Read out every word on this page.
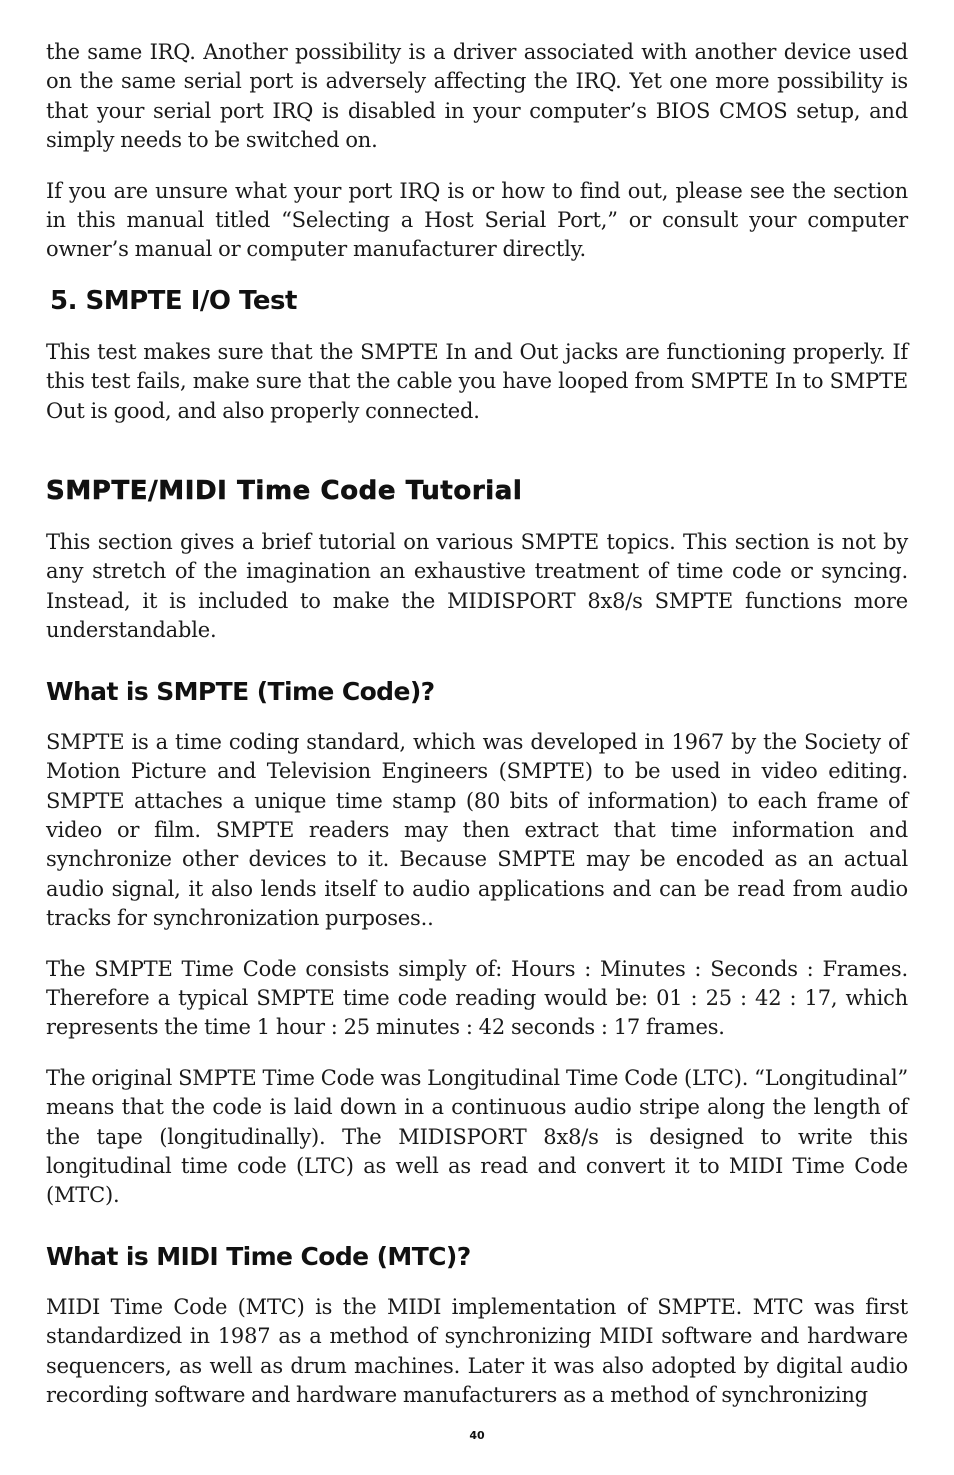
the same IRQ. Another possibility is a driver associated with another device used on the same serial port is adversely affecting the IRQ. Yet one more possibility is that your serial port IRQ is disabled in your computer’s BIOS CMOS setup, and simply needs to be switched on.

If you are unsure what your port IRQ is or how to find out, please see the section in this manual titled “Selecting a Host Serial Port,” or consult your computer owner’s manual or computer manufacturer directly.

5. SMPTE I/O Test

This test makes sure that the SMPTE In and Out jacks are functioning properly. If this test fails, make sure that the cable you have looped from SMPTE In to SMPTE Out is good, and also properly connected.

SMPTE/MIDI Time Code Tutorial

This section gives a brief tutorial on various SMPTE topics. This section is not by any stretch of the imagination an exhaustive treatment of time code or syncing. Instead, it is included to make the MIDISPORT 8x8/s SMPTE functions more understandable.

What is SMPTE (Time Code)?

SMPTE is a time coding standard, which was developed in 1967 by the Society of Motion Picture and Television Engineers (SMPTE) to be used in video editing. SMPTE attaches a unique time stamp (80 bits of information) to each frame of video or film. SMPTE readers may then extract that time information and synchronize other devices to it. Because SMPTE may be encoded as an actual audio signal, it also lends itself to audio applications and can be read from audio tracks for synchronization purposes..

The SMPTE Time Code consists simply of: Hours : Minutes : Seconds : Frames. Therefore a typical SMPTE time code reading would be: 01 : 25 : 42 : 17, which represents the time 1 hour : 25 minutes : 42 seconds : 17 frames.

The original SMPTE Time Code was Longitudinal Time Code (LTC). “Longitudinal” means that the code is laid down in a continuous audio stripe along the length of the tape (longitudinally). The MIDISPORT 8x8/s is designed to write this longitudinal time code (LTC) as well as read and convert it to MIDI Time Code (MTC).

What is MIDI Time Code (MTC)?

MIDI Time Code (MTC) is the MIDI implementation of SMPTE. MTC was first standardized in 1987 as a method of synchronizing MIDI software and hardware sequencers, as well as drum machines. Later it was also adopted by digital audio recording software and hardware manufacturers as a method of synchronizing

40
